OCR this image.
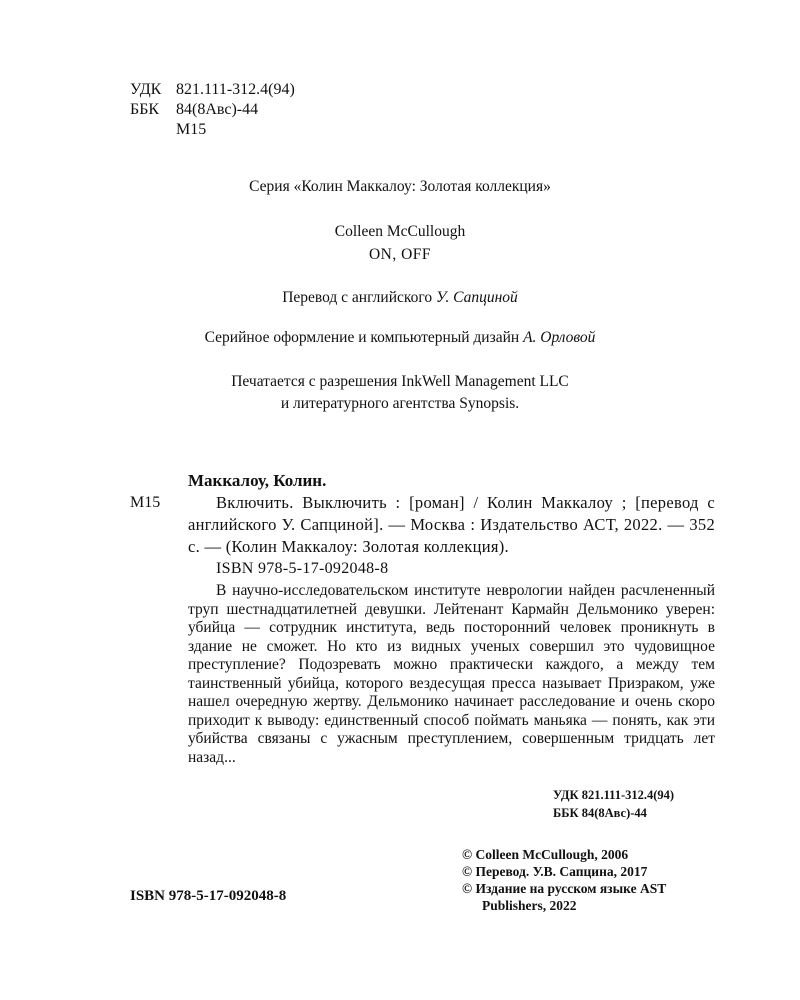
УДК 821.111-312.4(94)
ББК 84(8Авс)-44
М15
Серия «Колин Маккалоу: Золотая коллекция»
Colleen McCullough
ON, OFF
Перевод с английского У. Сапциной
Серийное оформление и компьютерный дизайн А. Орловой
Печатается с разрешения InkWell Management LLC
и литературного агентства Synopsis.
Маккалоу, Колин.
М15	Включить. Выключить : [роман] / Колин Маккалоу ; [перевод с английского У. Сапциной]. — Москва : Издательство АСТ, 2022. — 352 с. — (Колин Маккалоу: Золотая коллекция).
ISBN 978-5-17-092048-8
В научно-исследовательском институте неврологии найден расчлененный труп шестнадцатилетней девушки. Лейтенант Кармайн Дельмонико уверен: убийца — сотрудник института, ведь посторонний человек проникнуть в здание не сможет. Но кто из видных ученых совершил это чудовищное преступление? Подозревать можно практически каждого, а между тем таинственный убийца, которого вездесущая пресса называет Призраком, уже нашел очередную жертву. Дельмонико начинает расследование и очень скоро приходит к выводу: единственный способ поймать маньяка — понять, как эти убийства связаны с ужасным преступлением, совершенным тридцать лет назад...
УДК 821.111-312.4(94)
ББК 84(8Авс)-44
© Colleen McCullough, 2006
© Перевод. У.В. Сапцина, 2017
© Издание на русском языке AST
Publishers, 2022
ISBN 978-5-17-092048-8
